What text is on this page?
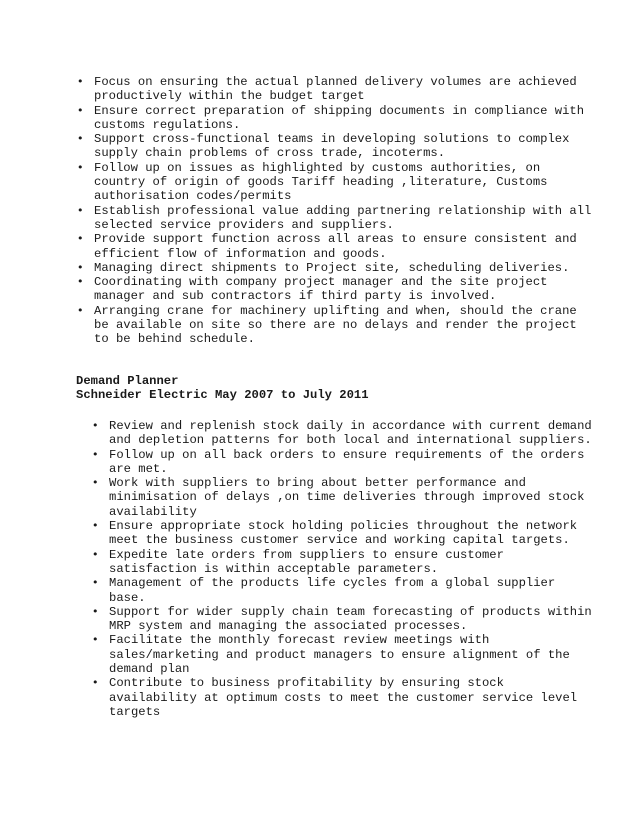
• Focus on ensuring the actual planned delivery volumes are achieved productively within the budget target
• Ensure correct preparation of shipping documents in compliance with customs regulations.
• Support cross-functional teams in developing solutions to complex supply chain problems of cross trade, incoterms.
• Follow up on issues as highlighted by customs authorities, on country of origin of goods Tariff heading ,literature, Customs authorisation codes/permits
• Establish professional value adding partnering relationship with all selected service providers and suppliers.
• Provide support function across all areas to ensure consistent and efficient flow of information and goods.
• Managing direct shipments to Project site, scheduling deliveries.
• Coordinating with company project manager and the site project manager and sub contractors if third party is involved.
• Arranging crane for machinery uplifting and when, should the crane be available on site so there are no delays and render the project to be behind schedule.
Demand Planner
Schneider Electric May 2007 to July 2011
• Review and replenish stock daily in accordance with current demand and depletion patterns for both local and international suppliers.
• Follow up on all back orders to ensure requirements of the orders are met.
• Work with suppliers to bring about better performance and minimisation of delays ,on time deliveries through improved stock availability
• Ensure appropriate stock holding policies throughout the network meet the business customer service and working capital targets.
• Expedite late orders from suppliers to ensure customer satisfaction is within acceptable parameters.
• Management of the products life cycles from a global supplier base.
• Support for wider supply chain team forecasting of products within MRP system and managing the associated processes.
• Facilitate the monthly forecast review meetings with sales/marketing and product managers to ensure alignment of the demand plan
• Contribute to business profitability by ensuring stock availability at optimum costs to meet the customer service level targets
